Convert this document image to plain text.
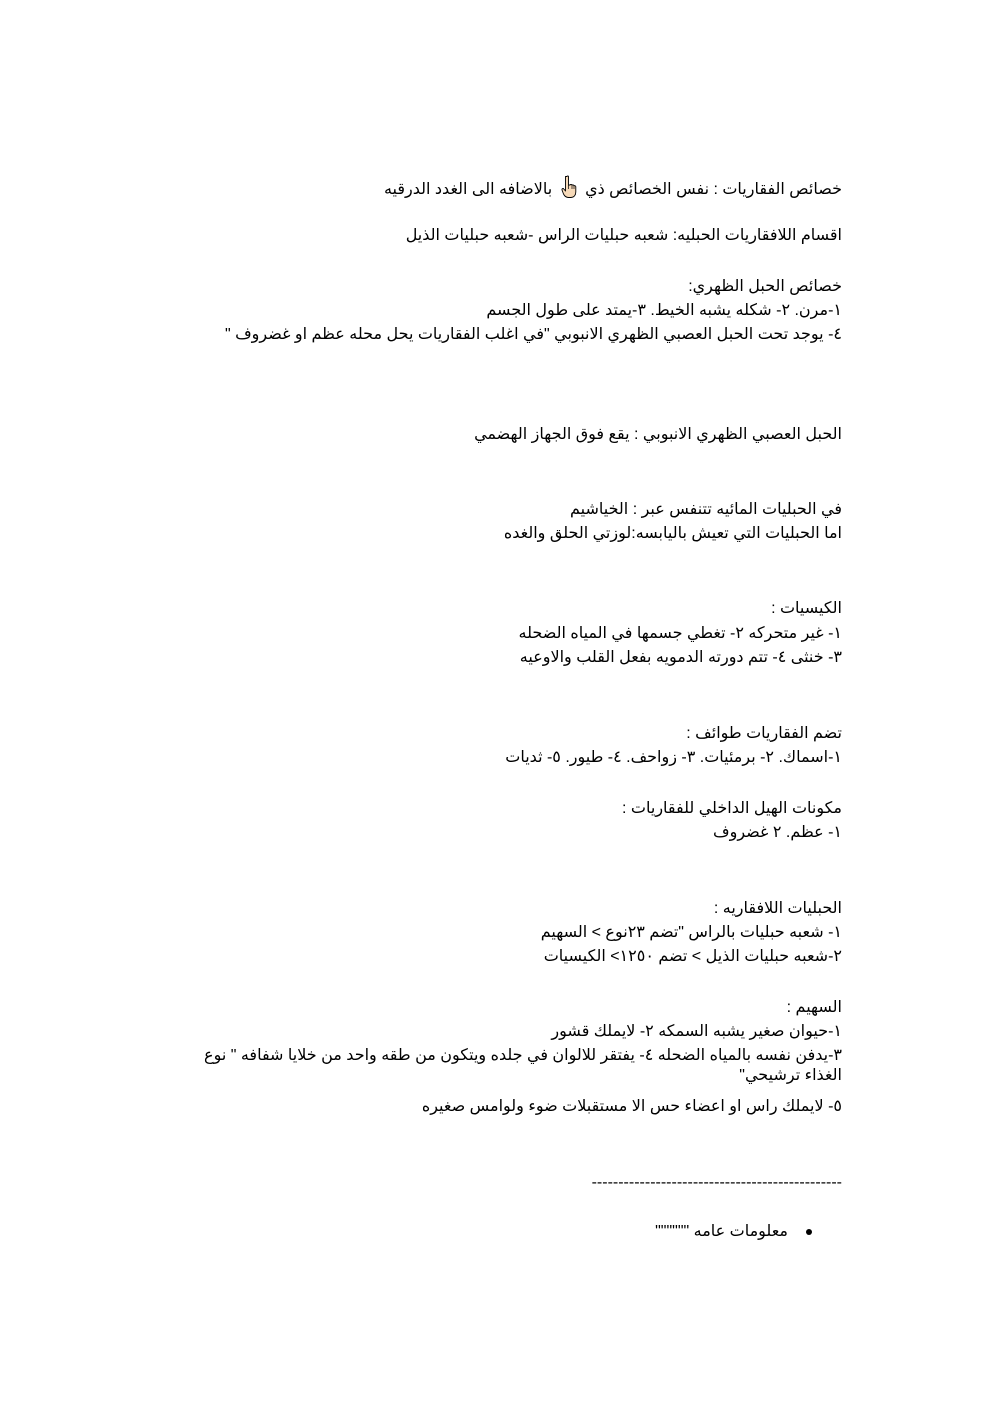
خصائص الفقاريات : نفس الخصائص ذي  بالاضافه الى الغدد الدرقيه
اقسام اللافقاريات الحبليه: شعبه حبليات الراس -شعبه حبليات الذيل
خصائص الحبل الظهري:
١-مرن. ٢- شكله يشبه الخيط. ٣-يمتد على طول الجسم
٤- يوجد تحت الحبل العصبي الظهري الانبوبي "في اغلب الفقاريات يحل محله عظم او غضروف "
الحبل العصبي الظهري الانبوبي : يقع فوق الجهاز الهضمي
في الحبليات المائيه تتنفس عبر : الخياشيم
اما الحبليات التي تعيش باليابسه:لوزتي الحلق والغده
الكيسيات :
١- غير متحركه ٢- تغطي جسمها في المياه الضحله
٣- خنثى ٤- تتم دورته الدمويه بفعل القلب والاوعيه
تضم الفقاريات طوائف :
١-اسماك. ٢- برمئيات. ٣- زواحف. ٤- طيور. ٥- ثديات
مكونات الهيل الداخلي للفقاريات :
١- عظم. ٢ غضروف
الحبليات اللافقاريه :
١- شعبه حبليات بالراس "تضم ٢٣نوع > السهيم
٢-شعبه حبليات الذيل > تضم ١٢٥٠> الكيسيات
السهيم :
١-حيوان صغير يشبه السمكه ٢- لايملك قشور
٣-يدفن نفسه بالمياه الضحله ٤- يفتقر للالوان في جلده ويتكون من طقه واحد من خلايا شفافه " نوع الغذاء ترشيحي"
٥- لايملك راس او اعضاء حس الا مستقبلات ضوء ولوامس صغيره
-----------------------------------------------
معلومات عامه """"""
